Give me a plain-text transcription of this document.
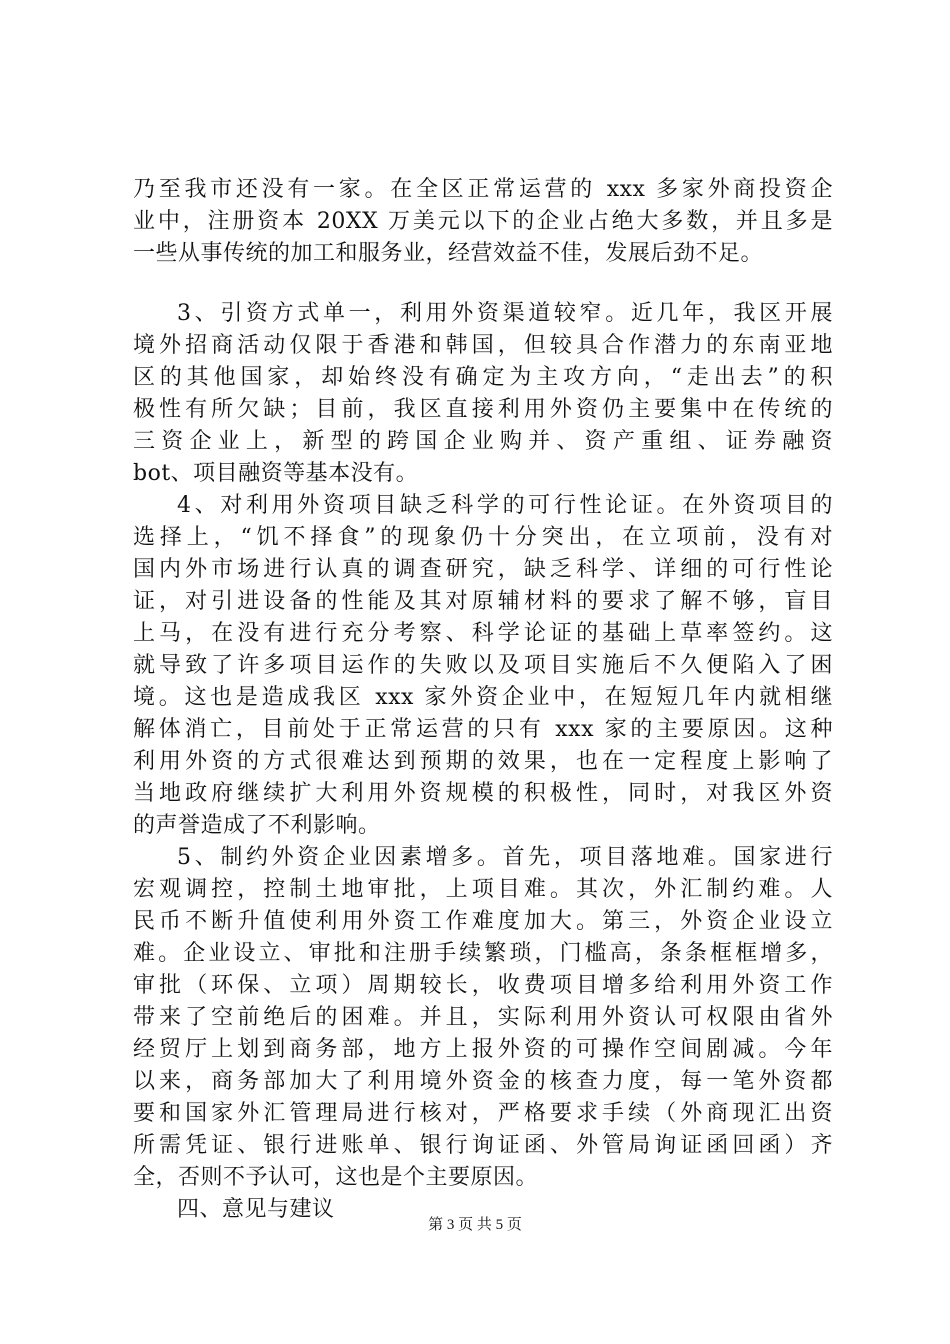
乃至我市还没有一家。在全区正常运营的 xxx 多家外商投资企
业中，注册资本 20XX 万美元以下的企业占绝大多数，并且多是
一些从事传统的加工和服务业，经营效益不佳，发展后劲不足。
3、引资方式单一，利用外资渠道较窄。近几年，我区开展
境外招商活动仅限于香港和韩国，但较具合作潜力的东南亚地
区的其他国家，却始终没有确定为主攻方向，“走出去”的积
极性有所欠缺；目前，我区直接利用外资仍主要集中在传统的
三资企业上，新型的跨国企业购并、资产重组、证券融资
bot、项目融资等基本没有。
4、对利用外资项目缺乏科学的可行性论证。在外资项目的
选择上，“饥不择食”的现象仍十分突出，在立项前，没有对
国内外市场进行认真的调查研究，缺乏科学、详细的可行性论
证，对引进设备的性能及其对原辅材料的要求了解不够，盲目
上马，在没有进行充分考察、科学论证的基础上草率签约。这
就导致了许多项目运作的失败以及项目实施后不久便陷入了困
境。这也是造成我区 xxx 家外资企业中，在短短几年内就相继
解体消亡，目前处于正常运营的只有 xxx 家的主要原因。这种
利用外资的方式很难达到预期的效果，也在一定程度上影响了
当地政府继续扩大利用外资规模的积极性，同时，对我区外资
的声誉造成了不利影响。
5、制约外资企业因素增多。首先，项目落地难。国家进行
宏观调控，控制土地审批，上项目难。其次，外汇制约难。人
民币不断升值使利用外资工作难度加大。第三，外资企业设立
难。企业设立、审批和注册手续繁琐，门槛高，条条框框增多，
审批（环保、立项）周期较长，收费项目增多给利用外资工作
带来了空前绝后的困难。并且，实际利用外资认可权限由省外
经贸厅上划到商务部，地方上报外资的可操作空间剧减。今年
以来，商务部加大了利用境外资金的核查力度，每一笔外资都
要和国家外汇管理局进行核对，严格要求手续（外商现汇出资
所需凭证、银行进账单、银行询证函、外管局询证函回函）齐
全，否则不予认可，这也是个主要原因。
四、意见与建议
第 3 页 共 5 页
